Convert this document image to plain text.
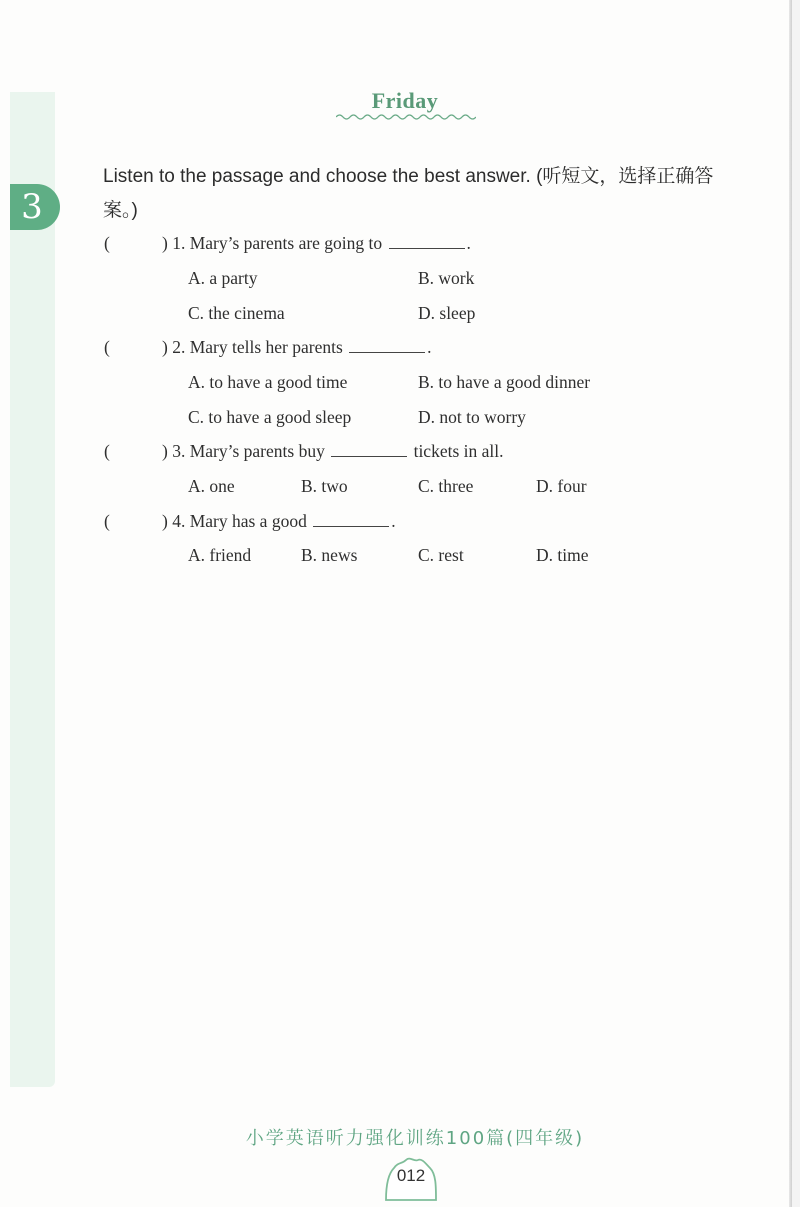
3
Friday
Listen to the passage and choose the best answer. (听短文，选择正确答案。)
(	) 1. Mary’s parents are going to	.
A. a party	B. work
C. the cinema	D. sleep
(	) 2. Mary tells her parents	.
A. to have a good time	B. to have a good dinner
C. to have a good sleep	D. not to worry
(	) 3. Mary’s parents buy	tickets in all.
A. one	B. two	C. three	D. four
(	) 4. Mary has a good	.
A. friend	B. news	C. rest	D. time
小学英语听力强化训练100篇(四年级)
012
